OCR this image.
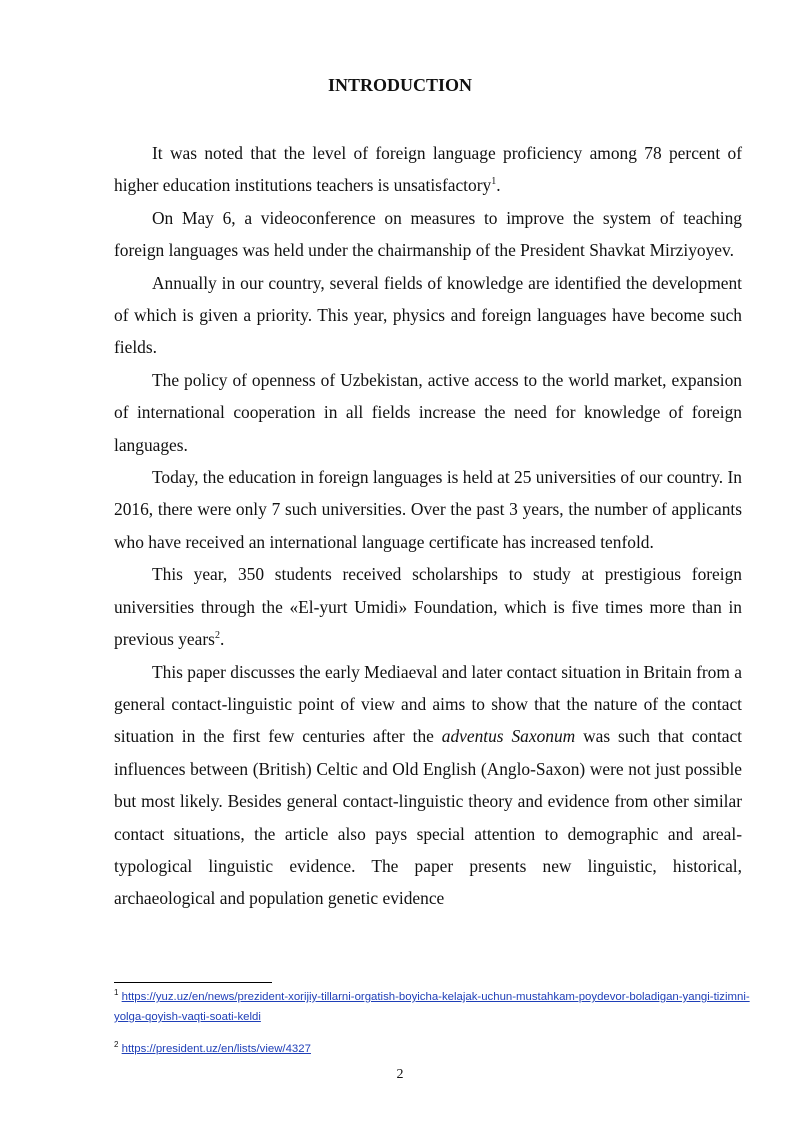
INTRODUCTION

It was noted that the level of foreign language proficiency among 78 percent of higher education institutions teachers is unsatisfactory$^1$.

On May 6, a videoconference on measures to improve the system of teaching foreign languages was held under the chairmanship of the President Shavkat Mirziyoyev.

Annually in our country, several fields of knowledge are identified the development of which is given a priority. This year, physics and foreign languages have become such fields.

The policy of openness of Uzbekistan, active access to the world market, expansion of international cooperation in all fields increase the need for knowledge of foreign languages.

Today, the education in foreign languages is held at 25 universities of our country. In 2016, there were only 7 such universities. Over the past 3 years, the number of applicants who have received an international language certificate has increased tenfold.

This year, 350 students received scholarships to study at prestigious foreign universities through the «El-yurt Umidi» Foundation, which is five times more than in previous years$^2$.

This paper discusses the early Mediaeval and later contact situation in Britain from a general contact-linguistic point of view and aims to show that the nature of the contact situation in the first few centuries after the adventus Saxonum was such that contact influences between (British) Celtic and Old English (Anglo-Saxon) were not just possible but most likely. Besides general contact-linguistic theory and evidence from other similar contact situations, the article also pays special attention to demographic and areal-typological linguistic evidence. The paper presents new linguistic, historical, archaeological and population genetic evidence

$^1$ https://yuz.uz/en/news/prezident-xorijiy-tillarni-orgatish-boyicha-kelajak-uchun-mustahkam-poydevor-boladigan-yangi-tizimni-yolga-qoyish-vaqti-soati-keldi

$^2$ https://president.uz/en/lists/view/4327

2
